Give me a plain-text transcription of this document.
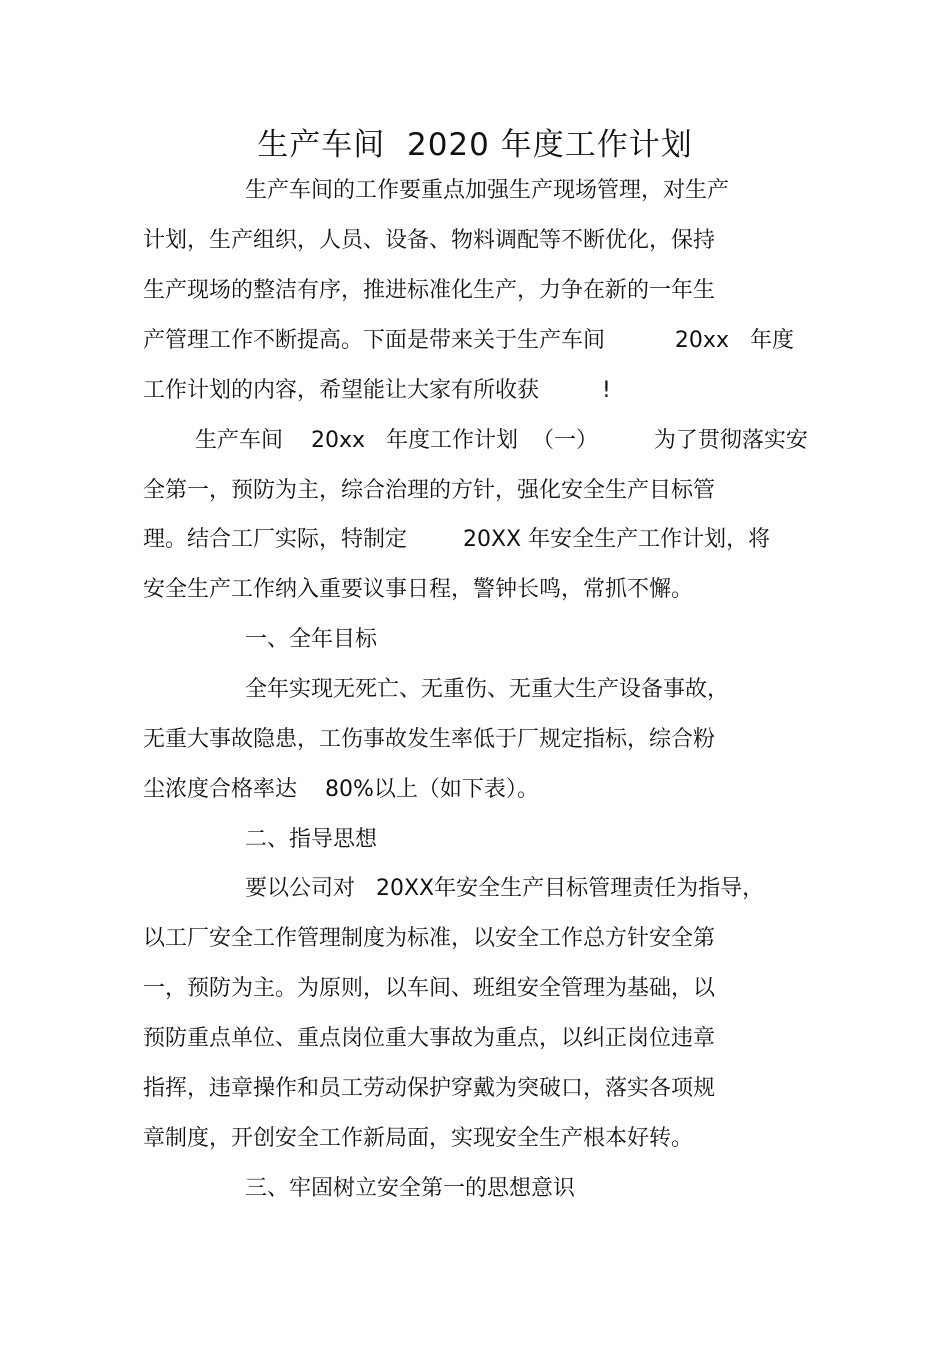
生产车间  2020 年度工作计划
生产车间的工作要重点加强生产现场管理，对生产
计划，生产组织，人员、设备、物料调配等不断优化，保持
生产现场的整洁有序，推进标准化生产，力争在新的一年生
产管理工作不断提高。下面是带来关于生产车间          20xx   年度
工作计划的内容，希望能让大家有所收获         !
生产车间    20xx   年度工作计划  （一）        为了贯彻落实安
全第一，预防为主，综合治理的方针，强化安全生产目标管
理。结合工厂实际，特制定        20XX 年安全生产工作计划，将
安全生产工作纳入重要议事日程，警钟长鸣，常抓不懈。
一、全年目标
全年实现无死亡、无重伤、无重大生产设备事故，
无重大事故隐患，工伤事故发生率低于厂规定指标，综合粉
尘浓度合格率达    80%以上（如下表）。
二、指导思想
要以公司对   20XX年安全生产目标管理责任为指导，
以工厂安全工作管理制度为标准，以安全工作总方针安全第
一，预防为主。为原则，以车间、班组安全管理为基础，以
预防重点单位、重点岗位重大事故为重点，以纠正岗位违章
指挥，违章操作和员工劳动保护穿戴为突破口，落实各项规
章制度，开创安全工作新局面，实现安全生产根本好转。
三、牢固树立安全第一的思想意识
